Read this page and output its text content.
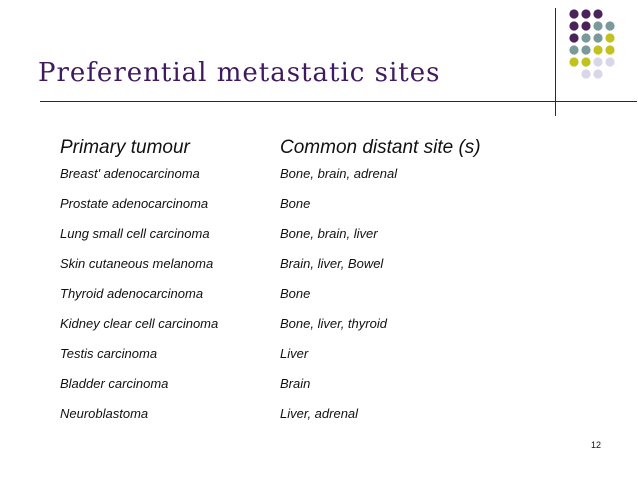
Preferential metastatic sites
Primary tumour	Common distant site (s)
Breast' adenocarcinoma	Bone, brain, adrenal
Prostate adenocarcinoma	Bone
Lung small cell carcinoma	Bone, brain, liver
Skin cutaneous melanoma	Brain, liver, Bowel
Thyroid adenocarcinoma	Bone
Kidney clear cell carcinoma	Bone, liver, thyroid
Testis carcinoma	Liver
Bladder carcinoma	Brain
Neuroblastoma	Liver, adrenal
12
